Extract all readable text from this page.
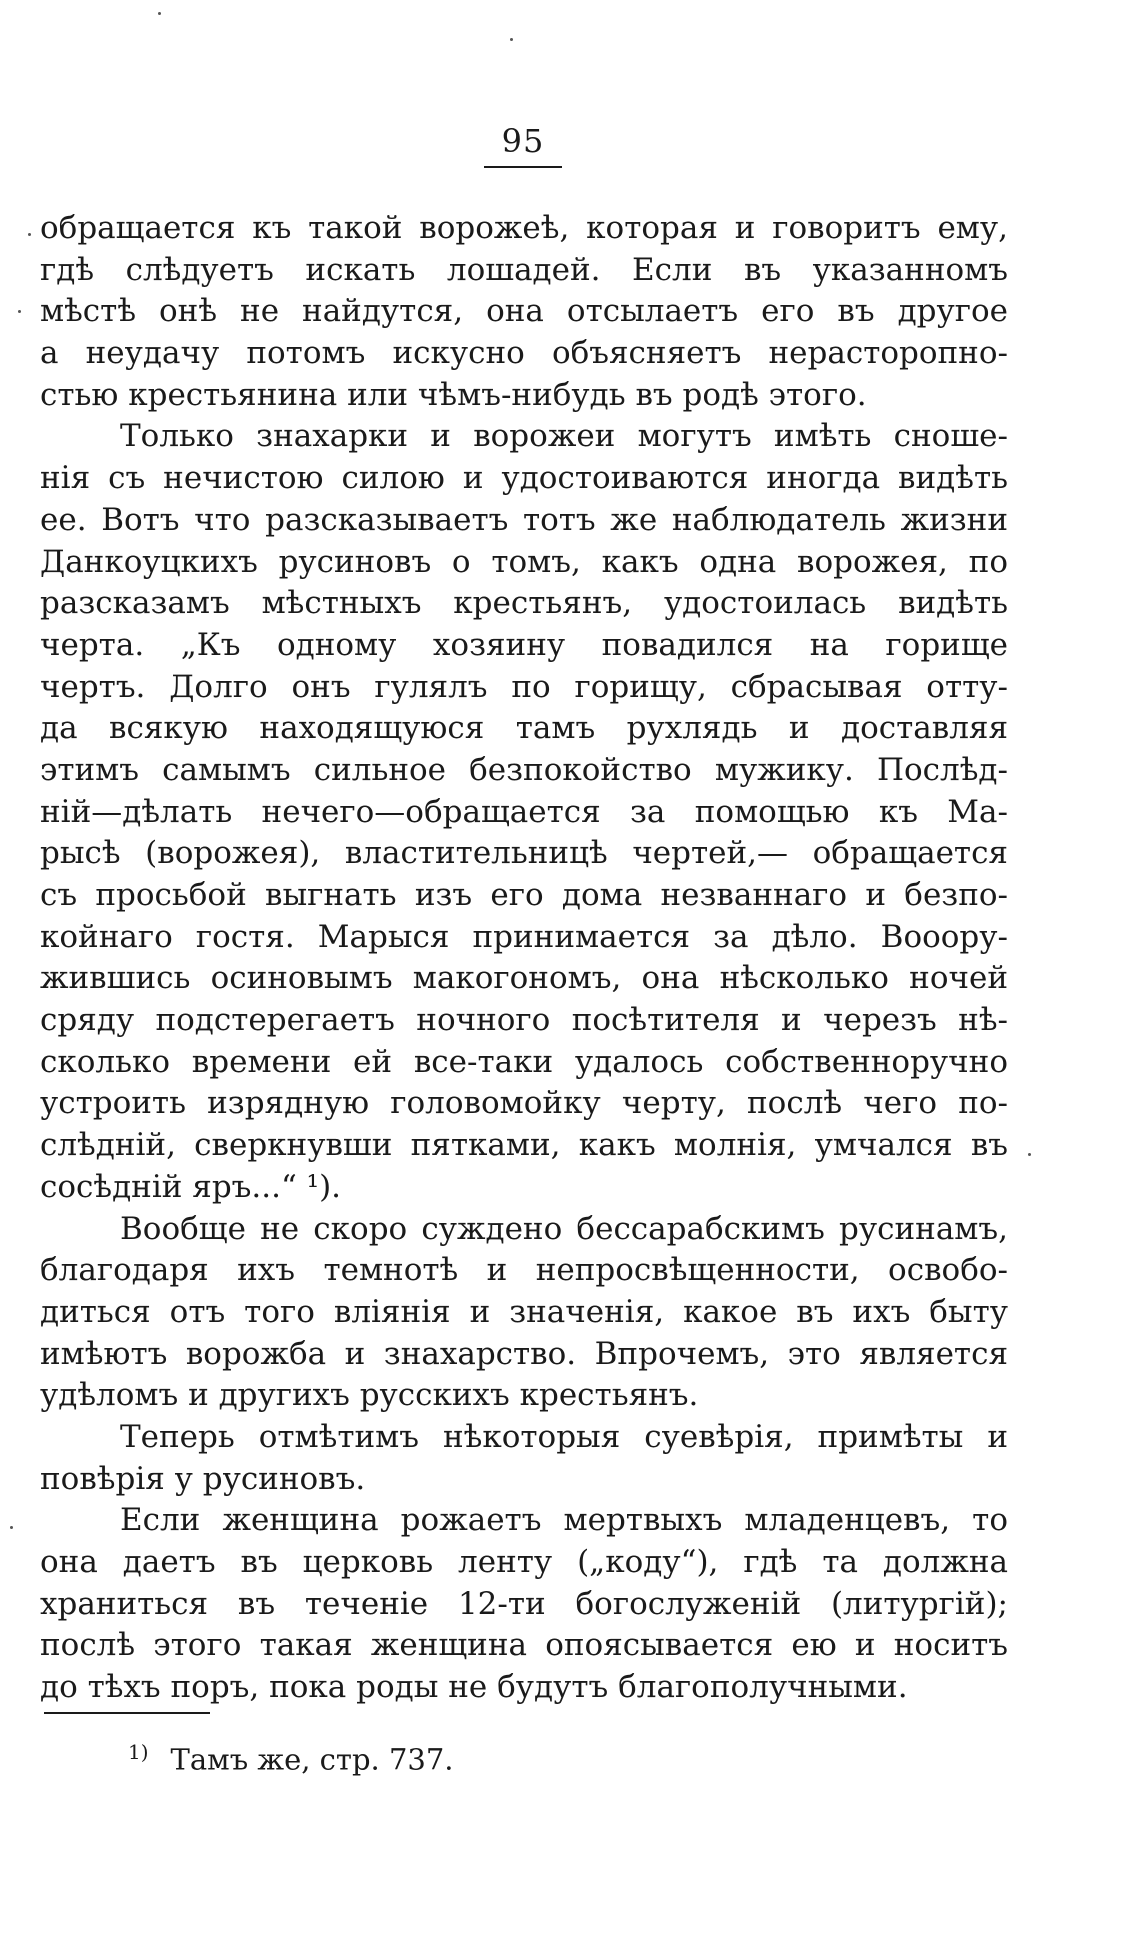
95
обращается къ такой ворожеѣ, которая и говоритъ ему,
гдѣ слѣдуетъ искать лошадей. Если въ указанномъ
мѣстѣ онѣ не найдутся, она отсылаетъ его въ другое
а неудачу потомъ искусно объясняетъ нерасторопно-
стью крестьянина или чѣмъ-нибудь въ родѣ этого.
Только знахарки и ворожеи могутъ имѣть сноше-
нія съ нечистою силою и удостоиваются иногда видѣть
ее. Вотъ что разсказываетъ тотъ же наблюдатель жизни
Данкоуцкихъ русиновъ о томъ, какъ одна ворожея, по
разсказамъ мѣстныхъ крестьянъ, удостоилась видѣть
черта. „Къ одному хозяину повадился на горище
чертъ. Долго онъ гулялъ по горищу, сбрасывая отту-
да всякую находящуюся тамъ рухлядь и доставляя
этимъ самымъ сильное безпокойство мужику. Послѣд-
ній—дѣлать нечего—обращается за помощью къ Ма-
рысѣ (ворожея), властительницѣ чертей,— обращается
съ просьбой выгнать изъ его дома незваннаго и безпо-
койнаго гостя. Марыся принимается за дѣло. Вооору-
жившись осиновымъ макогономъ, она нѣсколько ночей
сряду подстерегаетъ ночного посѣтителя и черезъ нѣ-
сколько времени ей все-таки удалось собственноручно
устроить изрядную головомойку черту, послѣ чего по-
слѣдній, сверкнувши пятками, какъ молнія, умчался въ
сосѣдній яръ...“ ¹).
Вообще не скоро суждено бессарабскимъ русинамъ,
благодаря ихъ темнотѣ и непросвѣщенности, освобо-
диться отъ того вліянія и значенія, какое въ ихъ быту
имѣютъ ворожба и знахарство. Впрочемъ, это является
удѣломъ и другихъ русскихъ крестьянъ.
Теперь отмѣтимъ нѣкоторыя суевѣрія, примѣты и
повѣрія у русиновъ.
Если женщина рожаетъ мертвыхъ младенцевъ, то
она даетъ въ церковь ленту („коду“), гдѣ та должна
храниться въ теченіе 12-ти богослуженій (литургій);
послѣ этого такая женщина опоясывается ею и носитъ
до тѣхъ поръ, пока роды не будутъ благополучными.
$^{1)}$ Тамъ же, стр. 737.
